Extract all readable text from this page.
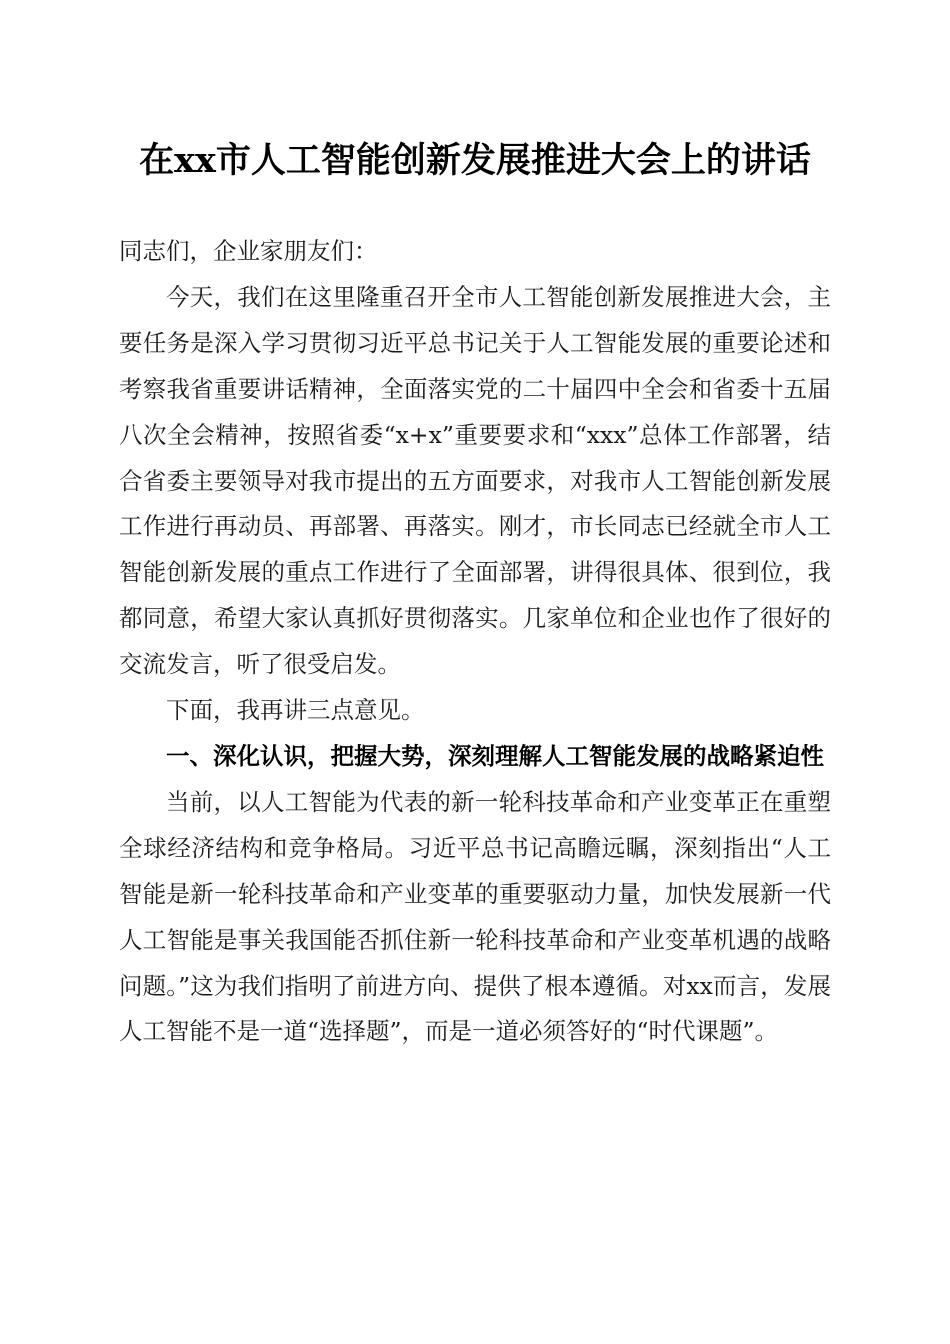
在xx市人工智能创新发展推进大会上的讲话

同志们，企业家朋友们：

今天，我们在这里隆重召开全市人工智能创新发展推进大会，主要任务是深入学习贯彻习近平总书记关于人工智能发展的重要论述和考察我省重要讲话精神，全面落实党的二十届四中全会和省委十五届八次全会精神，按照省委“x+x”重要要求和“xxx”总体工作部署，结合省委主要领导对我市提出的五方面要求，对我市人工智能创新发展工作进行再动员、再部署、再落实。刚才，市长同志已经就全市人工智能创新发展的重点工作进行了全面部署，讲得很具体、很到位，我都同意，希望大家认真抓好贯彻落实。几家单位和企业也作了很好的交流发言，听了很受启发。

下面，我再讲三点意见。

一、深化认识，把握大势，深刻理解人工智能发展的战略紧迫性

当前，以人工智能为代表的新一轮科技革命和产业变革正在重塑全球经济结构和竞争格局。习近平总书记高瞻远瞩，深刻指出“人工智能是新一轮科技革命和产业变革的重要驱动力量，加快发展新一代人工智能是事关我国能否抓住新一轮科技革命和产业变革机遇的战略问题。”这为我们指明了前进方向、提供了根本遵循。对xx而言，发展人工智能不是一道“选择题”，而是一道必须答好的“时代课题”。
